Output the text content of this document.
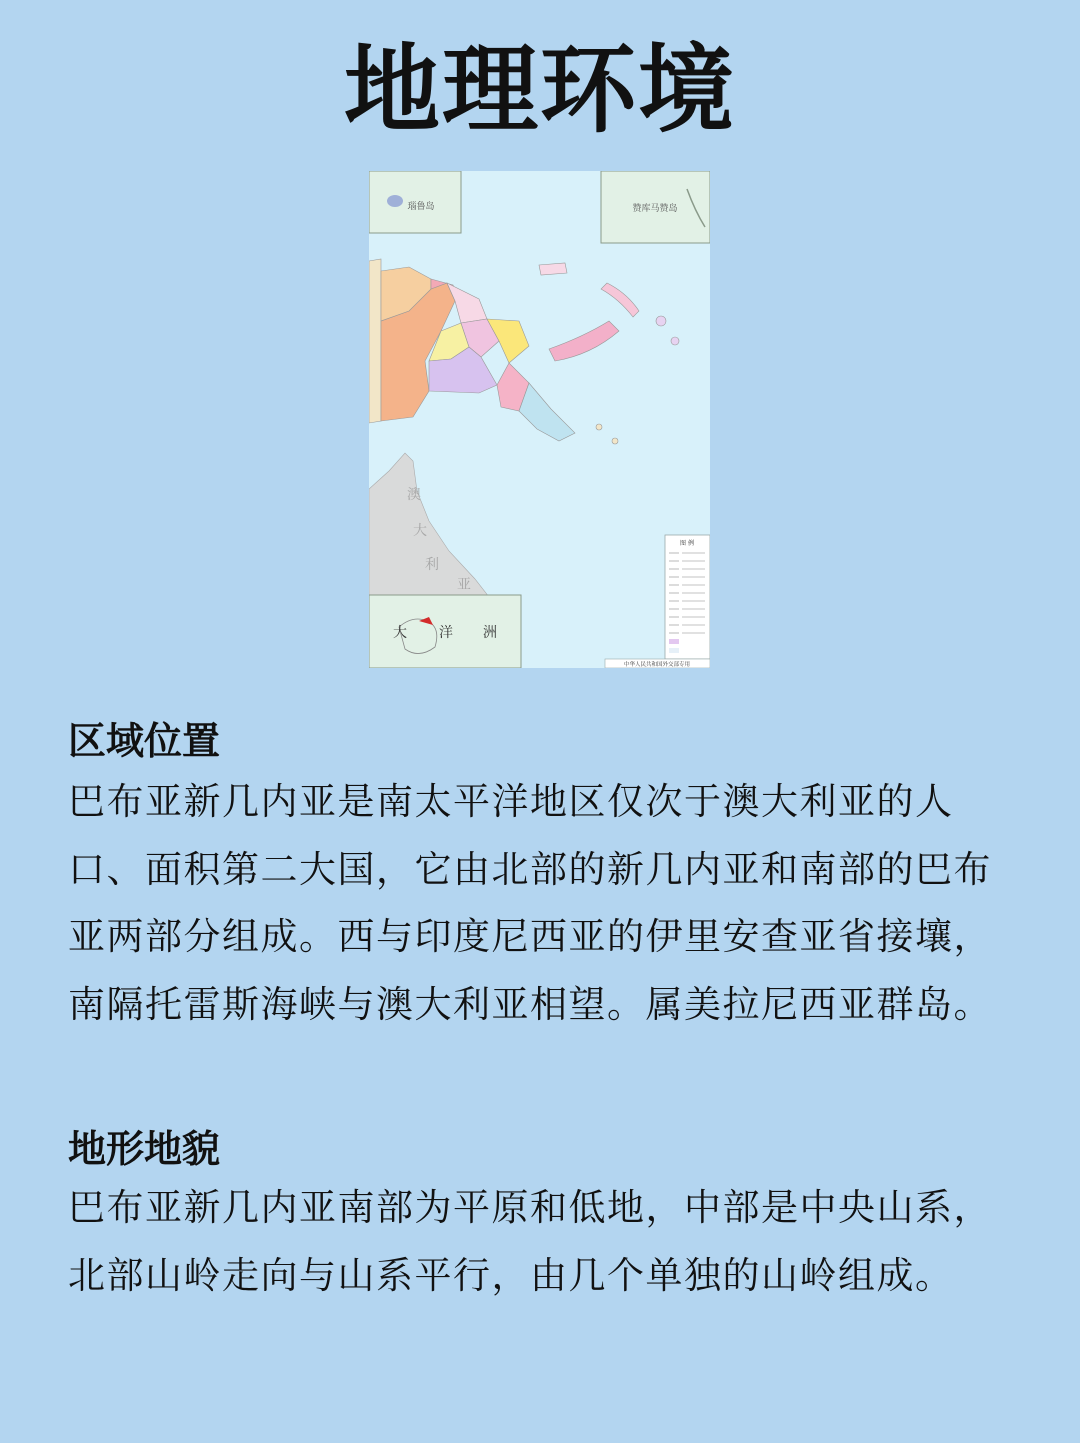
地理环境
瑙鲁岛	赞库马赞岛
澳
大
利
亚
大 洋 洲
图 例
中华人民共和国外交部专用
区域位置

巴布亚新几内亚是南太平洋地区仅次于澳大利亚的人口、面积第二大国，它由北部的新几内亚和南部的巴布亚两部分组成。西与印度尼西亚的伊里安查亚省接壤，南隔托雷斯海峡与澳大利亚相望。属美拉尼西亚群岛。

地形地貌

巴布亚新几内亚南部为平原和低地，中部是中央山系，北部山岭走向与山系平行，由几个单独的山岭组成。
